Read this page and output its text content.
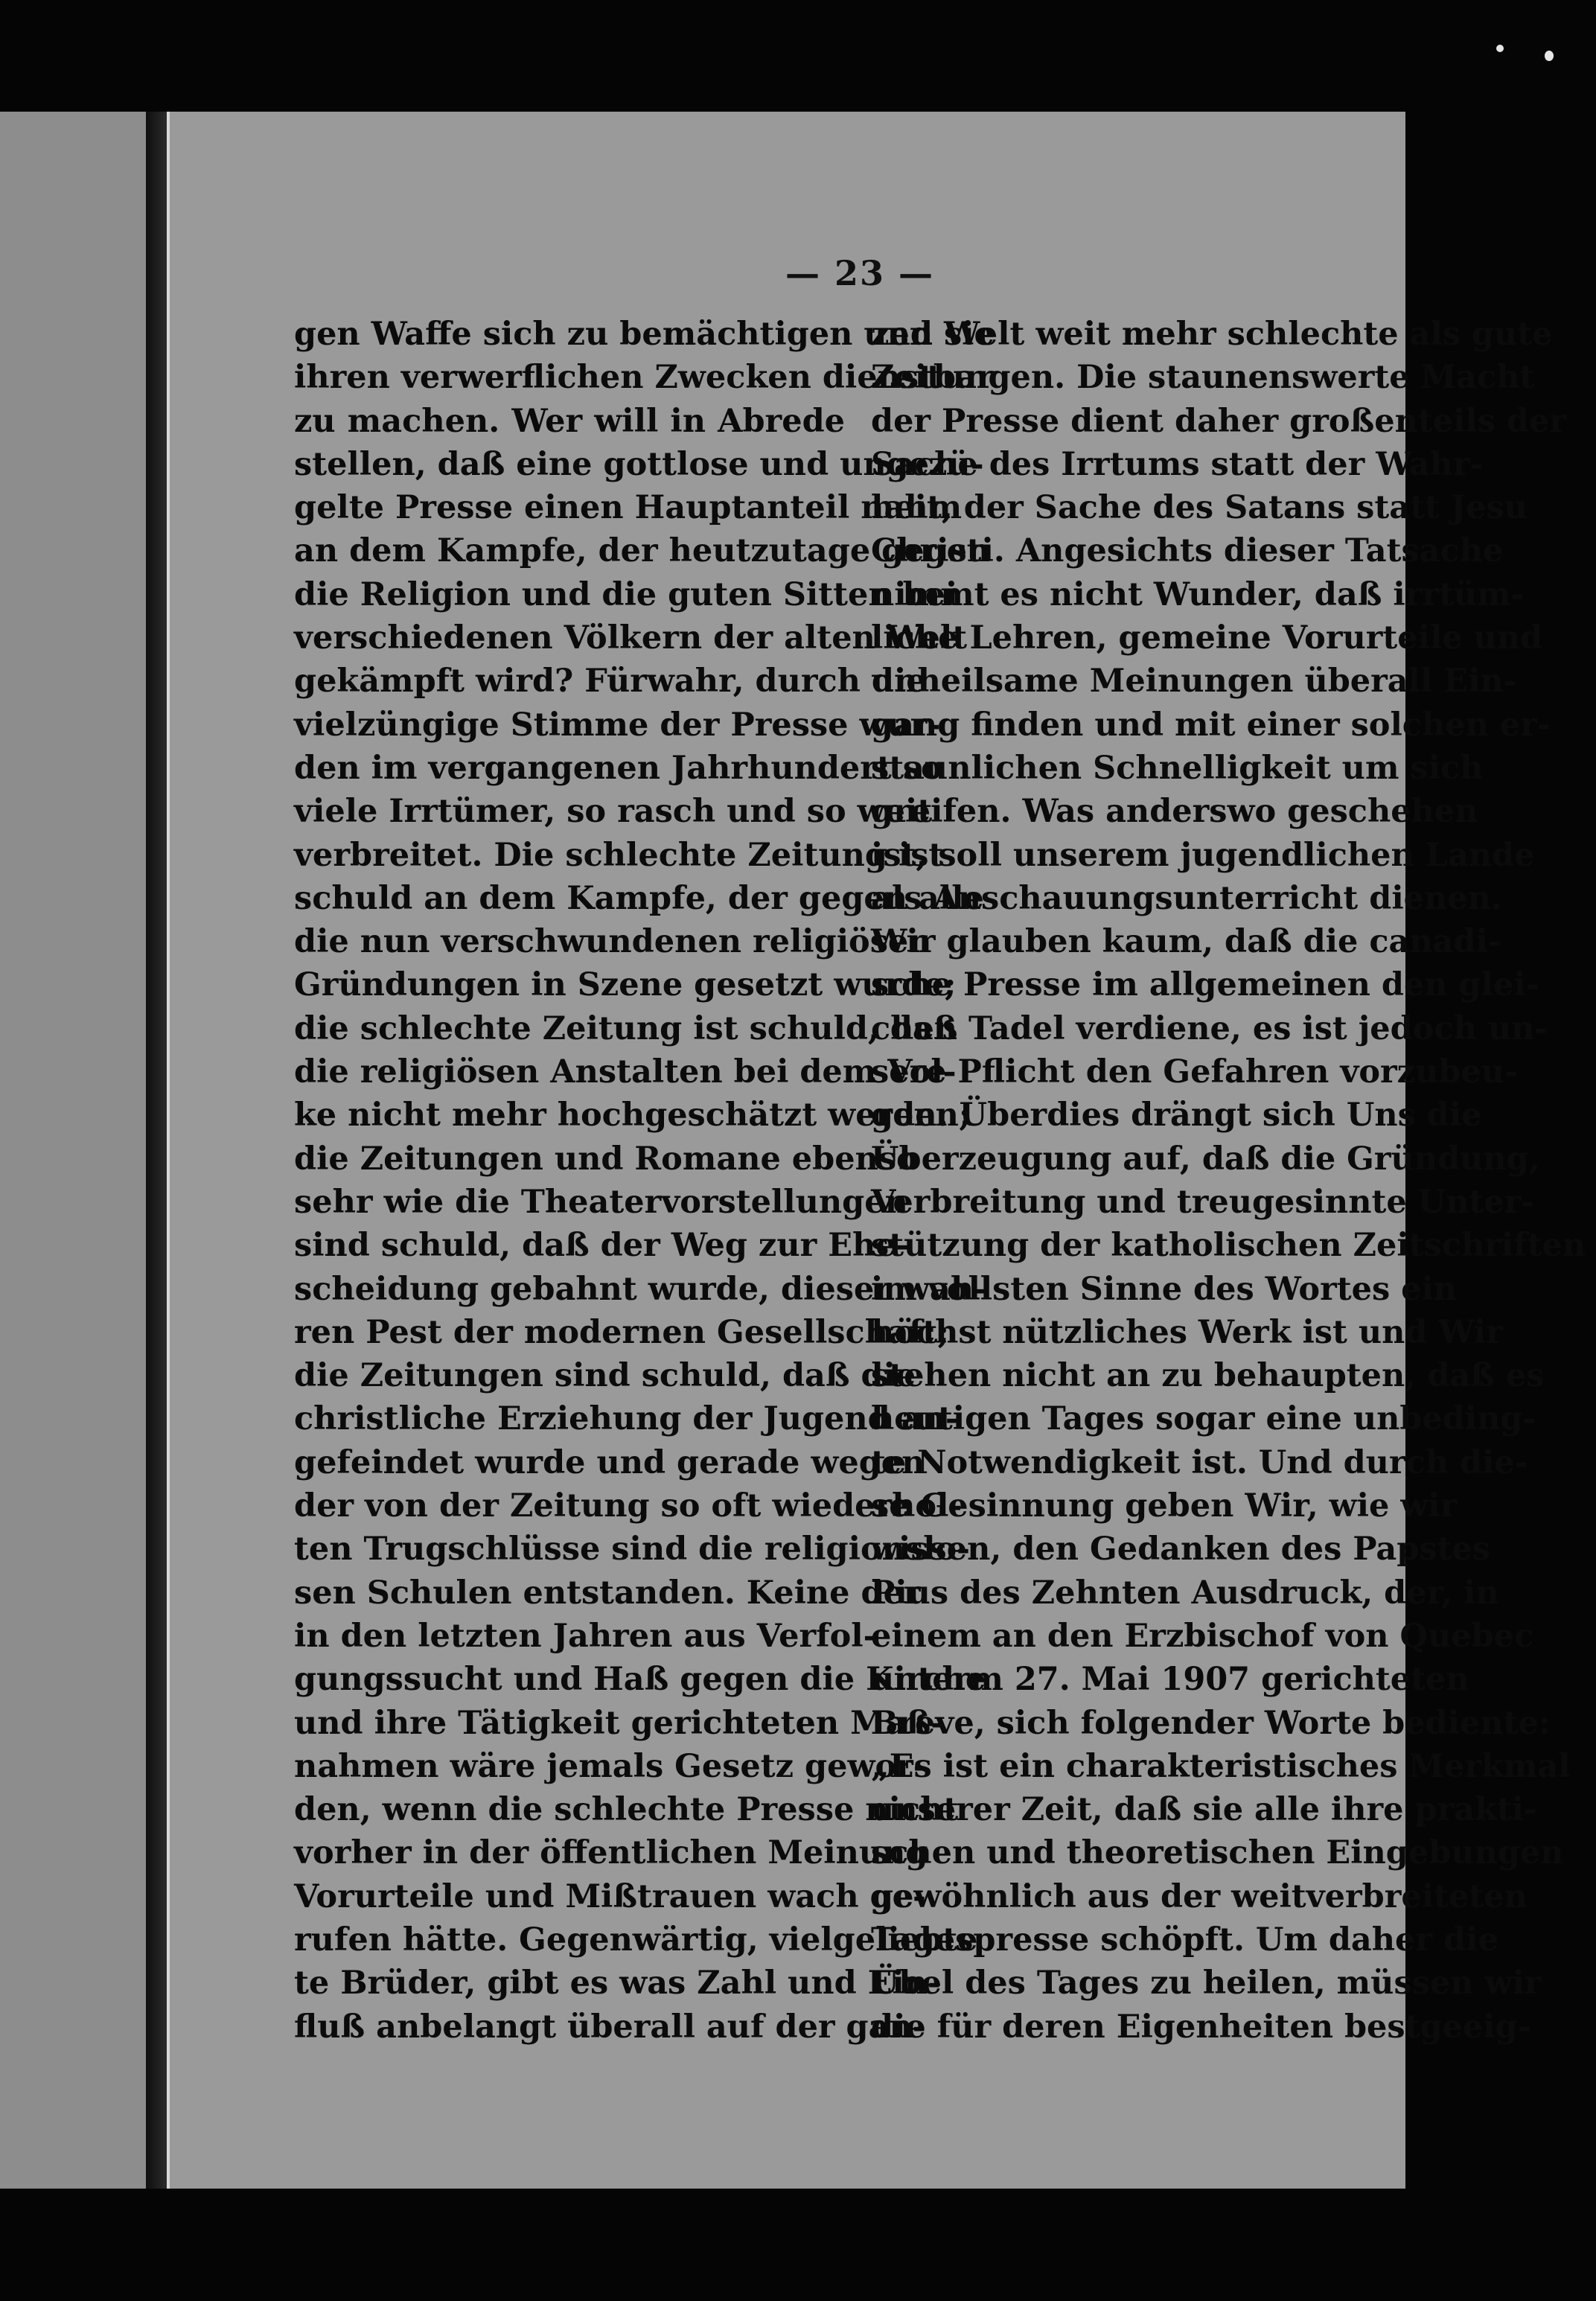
— 23 —
gen Waffe sich zu bemächtigen und sie
ihren verwerflichen Zwecken dienstbar
zu machen. Wer will in Abrede
stellen, daß eine gottlose und ungezü-
gelte Presse einen Hauptanteil nahm
an dem Kampfe, der heutzutage gegen
die Religion und die guten Sitten bei
verschiedenen Völkern der alten Welt
gekämpft wird? Fürwahr, durch die
vielzüngige Stimme der Presse wur-
den im vergangenen Jahrhundert so
viele Irrtümer, so rasch und so weit
verbreitet. Die schlechte Zeitung ist
schuld an dem Kampfe, der gegen alle
die nun verschwundenen religiösen
Gründungen in Szene gesetzt wurde;
die schlechte Zeitung ist schuld, daß
die religiösen Anstalten bei dem Vol-
ke nicht mehr hochgeschätzt werden;
die Zeitungen und Romane ebenso
sehr wie die Theatervorstellungen
sind schuld, daß der Weg zur Ehe-
scheidung gebahnt wurde, dieser wah-
ren Pest der modernen Gesellschaft;
die Zeitungen sind schuld, daß die
christliche Erziehung der Jugend an-
gefeindet wurde und gerade wegen
der von der Zeitung so oft wiederhol-
ten Trugschlüsse sind die religionslo-
sen Schulen entstanden. Keine der
in den letzten Jahren aus Verfol-
gungssucht und Haß gegen die Kirche
und ihre Tätigkeit gerichteten Maß-
nahmen wäre jemals Gesetz gewor-
den, wenn die schlechte Presse nicht
vorher in der öffentlichen Meinung
Vorurteile und Mißtrauen wach ge-
rufen hätte. Gegenwärtig, vielgeliebte
te Brüder, gibt es was Zahl und Ein-
fluß anbelangt überall auf der gan-
zen Welt weit mehr schlechte als gute
Zeitungen. Die staunenswerte Macht
der Presse dient daher großenteils der
Sache des Irrtums statt der Wahr-
heit, der Sache des Satans statt Jesu
Christi. Angesichts dieser Tatsache
nimmt es nicht Wunder, daß irrtüm-
liche Lehren, gemeine Vorurteile und
unheilsame Meinungen überall Ein-
gang finden und mit einer solchen er-
staunlichen Schnelligkeit um sich
greifen. Was anderswo geschehen
ist, soll unserem jugendlichen Lande
als Anschauungsunterricht dienen.
Wir glauben kaum, daß die canadi-
sche Presse im allgemeinen den glei-
chen Tadel verdiene, es ist jedoch un-
sere Pflicht den Gefahren vorzubeu-
gen. Überdies drängt sich Uns die
Überzeugung auf, daß die Gründung,
Verbreitung und treugesinnte Unter-
stützung der katholischen Zeitschriften
im vollsten Sinne des Wortes ein
höchst nützliches Werk ist und Wir
stehen nicht an zu behaupten, daß es
heutigen Tages sogar eine unbeding-
te Notwendigkeit ist. Und durch die-
se Gesinnung geben Wir, wie wir
wissen, den Gedanken des Papstes
Pius des Zehnten Ausdruck, der, in
einem an den Erzbischof von Quebec
unterm 27. Mai 1907 gerichteten
Breve, sich folgender Worte bediente:
„Es ist ein charakteristisches Merkmal
unserer Zeit, daß sie alle ihre prakti-
schen und theoretischen Eingebungen
gewöhnlich aus der weitverbreiteten
Tagespresse schöpft. Um daher die
Übel des Tages zu heilen, müssen wir
die für deren Eigenheiten bestgeeig-
